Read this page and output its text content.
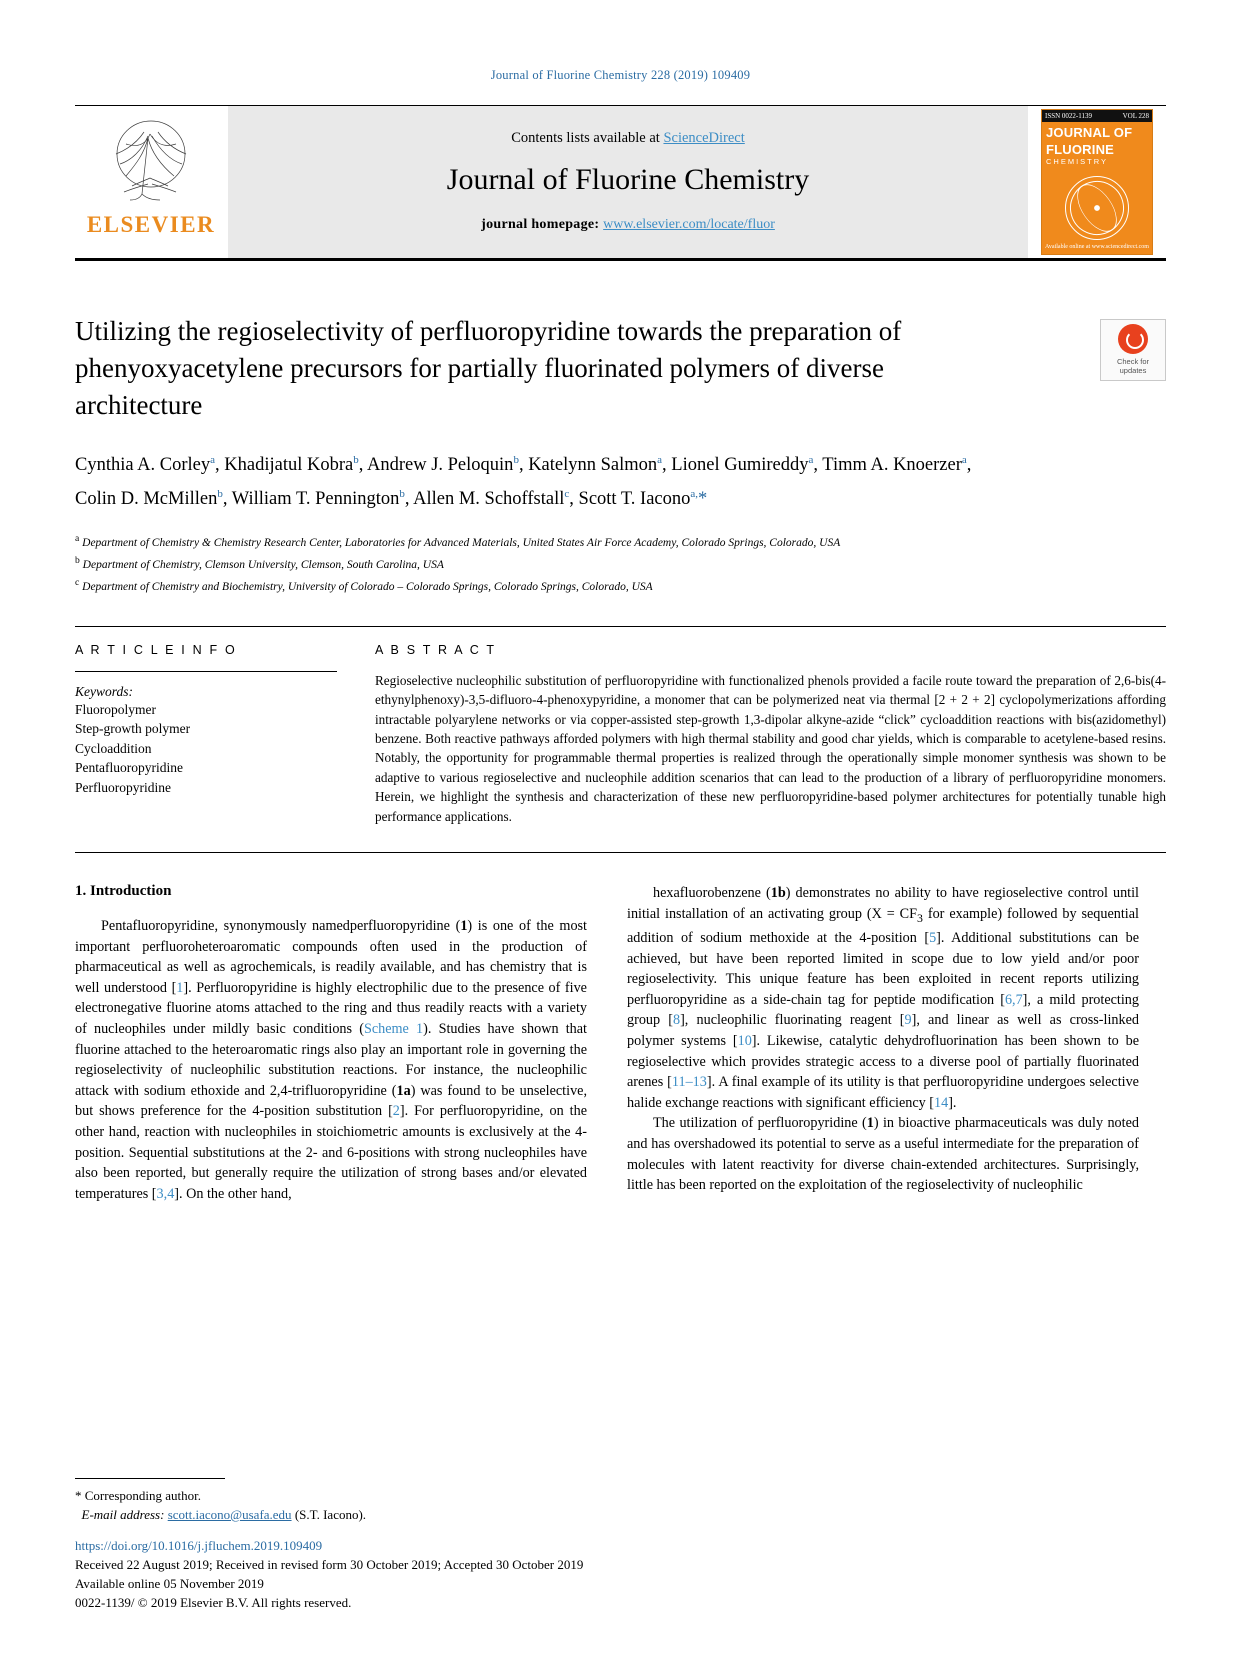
Journal of Fluorine Chemistry 228 (2019) 109409
ELSEVIER
Contents lists available at ScienceDirect
Journal of Fluorine Chemistry
journal homepage: www.elsevier.com/locate/fluor
ISSN 0022-1139	VOL 228
JOURNAL OF
FLUORINE
CHEMISTRY
Available online at www.sciencedirect.com
Utilizing the regioselectivity of perfluoropyridine towards the preparation of phenyoxyacetylene precursors for partially fluorinated polymers of diverse architecture
Check for
updates
Cynthia A. Corley$^a$, Khadijatul Kobra$^b$, Andrew J. Peloquin$^b$, Katelynn Salmon$^a$, Lionel Gumireddy$^a$, Timm A. Knoerzer$^a$, Colin D. McMillen$^b$, William T. Pennington$^b$, Allen M. Schoffstall$^c$, Scott T. Iacono$^{a,}$*
$^a$ Department of Chemistry & Chemistry Research Center, Laboratories for Advanced Materials, United States Air Force Academy, Colorado Springs, Colorado, USA
$^b$ Department of Chemistry, Clemson University, Clemson, South Carolina, USA
$^c$ Department of Chemistry and Biochemistry, University of Colorado – Colorado Springs, Colorado Springs, Colorado, USA
A R T I C L E I N F O
Keywords:
Fluoropolymer
Step-growth polymer
Cycloaddition
Pentafluoropyridine
Perfluoropyridine
A B S T R A C T
Regioselective nucleophilic substitution of perfluoropyridine with functionalized phenols provided a facile route toward the preparation of 2,6-bis(4-ethynylphenoxy)-3,5-difluoro-4-phenoxypyridine, a monomer that can be polymerized neat via thermal [2 + 2 + 2] cyclopolymerizations affording intractable polyarylene networks or via copper-assisted step-growth 1,3-dipolar alkyne-azide “click” cycloaddition reactions with bis(azidomethyl) benzene. Both reactive pathways afforded polymers with high thermal stability and good char yields, which is comparable to acetylene-based resins. Notably, the opportunity for programmable thermal properties is realized through the operationally simple monomer synthesis was shown to be adaptive to various regioselective and nucleophile addition scenarios that can lead to the production of a library of perfluoropyridine monomers. Herein, we highlight the synthesis and characterization of these new perfluoropyridine-based polymer architectures for potentially tunable high performance applications.
1. Introduction

Pentafluoropyridine, synonymously namedperfluoropyridine (1) is one of the most important perfluoroheteroaromatic compounds often used in the production of pharmaceutical as well as agrochemicals, is readily available, and has chemistry that is well understood [1]. Perfluoropyridine is highly electrophilic due to the presence of five electronegative fluorine atoms attached to the ring and thus readily reacts with a variety of nucleophiles under mildly basic conditions (Scheme 1). Studies have shown that fluorine attached to the heteroaromatic rings also play an important role in governing the regioselectivity of nucleophilic substitution reactions. For instance, the nucleophilic attack with sodium ethoxide and 2,4-trifluoropyridine (1a) was found to be unselective, but shows preference for the 4-position substitution [2]. For perfluoropyridine, on the other hand, reaction with nucleophiles in stoichiometric amounts is exclusively at the 4-position. Sequential substitutions at the 2- and 6-positions with strong nucleophiles have also been reported, but generally require the utilization of strong bases and/or elevated temperatures [3,4]. On the other hand,

hexafluorobenzene (1b) demonstrates no ability to have regioselective control until initial installation of an activating group ($X = CF_3$ for example) followed by sequential addition of sodium methoxide at the 4-position [5]. Additional substitutions can be achieved, but have been reported limited in scope due to low yield and/or poor regioselectivity. This unique feature has been exploited in recent reports utilizing perfluoropyridine as a side-chain tag for peptide modification [6,7], a mild protecting group [8], nucleophilic fluorinating reagent [9], and linear as well as cross-linked polymer systems [10]. Likewise, catalytic dehydrofluorination has been shown to be regioselective which provides strategic access to a diverse pool of partially fluorinated arenes [11–13]. A final example of its utility is that perfluoropyridine undergoes selective halide exchange reactions with significant efficiency [14].

The utilization of perfluoropyridine (1) in bioactive pharmaceuticals was duly noted and has overshadowed its potential to serve as a useful intermediate for the preparation of molecules with latent reactivity for diverse chain-extended architectures. Surprisingly, little has been reported on the exploitation of the regioselectivity of nucleophilic

* Corresponding author.
E-mail address: scott.iacono@usafa.edu (S.T. Iacono).
https://doi.org/10.1016/j.jfluchem.2019.109409
Received 22 August 2019; Received in revised form 30 October 2019; Accepted 30 October 2019
Available online 05 November 2019
0022-1139/ © 2019 Elsevier B.V. All rights reserved.
